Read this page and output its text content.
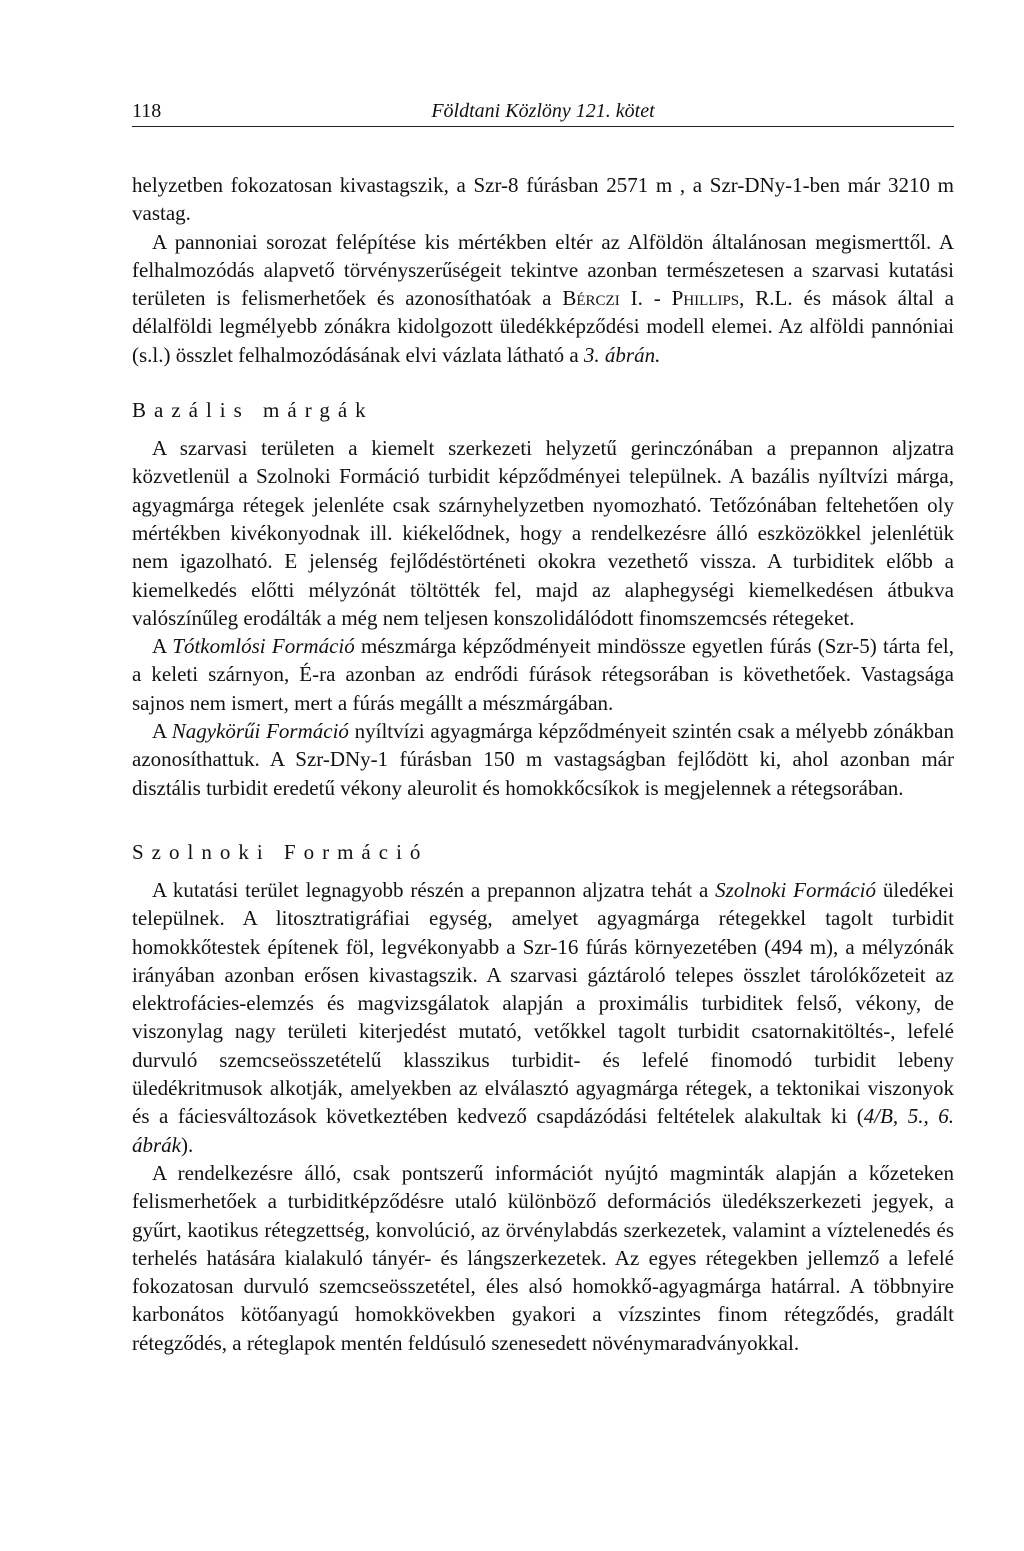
118	Földtani Közlöny 121. kötet

helyzetben fokozatosan kivastagszik, a Szr-8 fúrásban 2571 m , a Szr-DNy-1-ben már 3210 m vastag.

A pannoniai sorozat felépítése kis mértékben eltér az Alföldön általánosan megismerttől. A felhalmozódás alapvető törvényszerűségeit tekintve azonban természetesen a szarvasi kutatási területen is felismerhetőek és azonosíthatóak a Bérczi I. - Phillips, R.L. és mások által a délalföldi legmélyebb zónákra kidolgozott üledékképződési modell elemei. Az alföldi pannóniai (s.l.) összlet felhalmozódásának elvi vázlata látható a 3. ábrán.

Bazális márgák

A szarvasi területen a kiemelt szerkezeti helyzetű gerinczónában a prepannon aljzatra közvetlenül a Szolnoki Formáció turbidit képződményei települnek. A bazális nyíltvízi márga, agyagmárga rétegek jelenléte csak szárnyhelyzetben nyomozható. Tetőzónában feltehetően oly mértékben kivékonyodnak ill. kiékelődnek, hogy a rendelkezésre álló eszközökkel jelenlétük nem igazolható. E jelenség fejlődéstörténeti okokra vezethető vissza. A turbiditek előbb a kiemelkedés előtti mélyzónát töltötték fel, majd az alaphegységi kiemelkedésen átbukva valószínűleg erodálták a még nem teljesen konszolidálódott finomszemcsés rétegeket.

A Tótkomlósi Formáció mészmárga képződményeit mindössze egyetlen fúrás (Szr-5) tárta fel, a keleti szárnyon, É-ra azonban az endrődi fúrások rétegsorában is követhetőek. Vastagsága sajnos nem ismert, mert a fúrás megállt a mészmárgában.

A Nagykörűi Formáció nyíltvízi agyagmárga képződményeit szintén csak a mélyebb zónákban azonosíthattuk. A Szr-DNy-1 fúrásban 150 m vastagságban fejlődött ki, ahol azonban már disztális turbidit eredetű vékony aleurolit és homokkőcsíkok is megjelennek a rétegsorában.

Szolnoki Formáció

A kutatási terület legnagyobb részén a prepannon aljzatra tehát a Szolnoki Formáció üledékei települnek. A litosztratigráfiai egység, amelyet agyagmárga rétegekkel tagolt turbidit homokkőtestek építenek föl, legvékonyabb a Szr-16 fúrás környezetében (494 m), a mélyzónák irányában azonban erősen kivastagszik. A szarvasi gáztároló telepes összlet tárolókőzeteit az elektrofácies-elemzés és magvizsgálatok alapján a proximális turbiditek felső, vékony, de viszonylag nagy területi kiterjedést mutató, vetőkkel tagolt turbidit csatornakitöltés-, lefelé durvuló szemcseösszetételű klasszikus turbidit- és lefelé finomodó turbidit lebeny üledékritmusok alkotják, amelyekben az elválasztó agyagmárga rétegek, a tektonikai viszonyok és a fáciesváltozások következtében kedvező csapdázódási feltételek alakultak ki (4/B, 5., 6. ábrák).

A rendelkezésre álló, csak pontszerű információt nyújtó magminták alapján a kőzeteken felismerhetőek a turbiditképződésre utaló különböző deformációs üledékszerkezeti jegyek, a gyűrt, kaotikus rétegzettség, konvolúció, az örvénylabdás szerkezetek, valamint a víztelenedés és terhelés hatására kialakuló tányér- és lángszerkezetek. Az egyes rétegekben jellemző a lefelé fokozatosan durvuló szemcseösszetétel, éles alsó homokkő-agyagmárga határral. A többnyire karbonátos kötőanyagú homokkövekben gyakori a vízszintes finom rétegződés, gradált rétegződés, a réteglapok mentén feldúsuló szenesedett növénymaradványokkal.
